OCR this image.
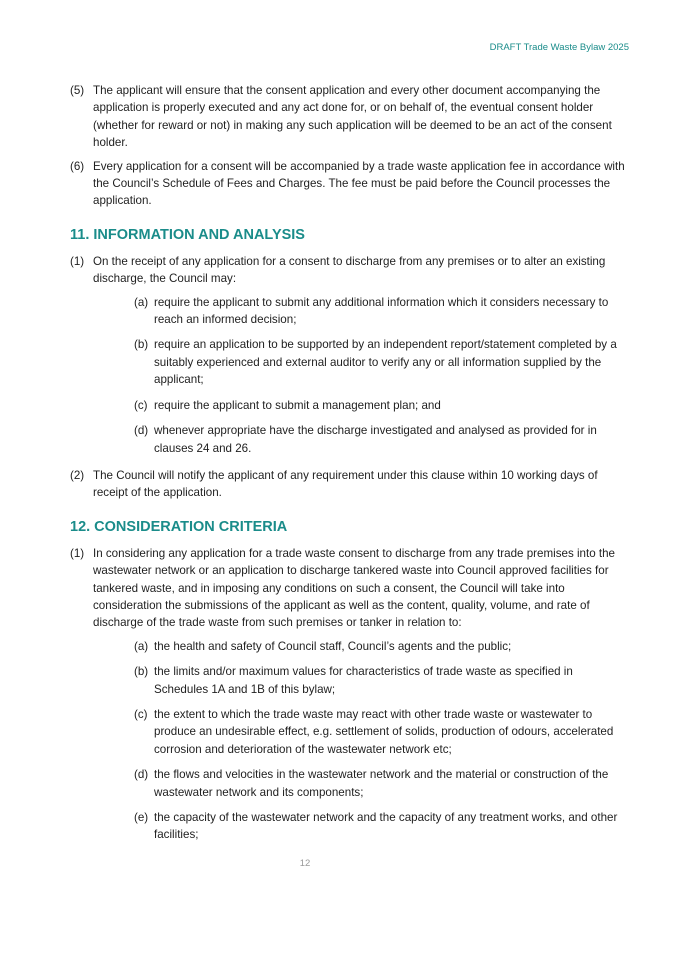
DRAFT Trade Waste Bylaw 2025
(5) The applicant will ensure that the consent application and every other document accompanying the application is properly executed and any act done for, or on behalf of, the eventual consent holder (whether for reward or not) in making any such application will be deemed to be an act of the consent holder.
(6) Every application for a consent will be accompanied by a trade waste application fee in accordance with the Council’s Schedule of Fees and Charges. The fee must be paid before the Council processes the application.
11. INFORMATION AND ANALYSIS
(1) On the receipt of any application for a consent to discharge from any premises or to alter an existing discharge, the Council may:
(a) require the applicant to submit any additional information which it considers necessary to reach an informed decision;
(b) require an application to be supported by an independent report/statement completed by a suitably experienced and external auditor to verify any or all information supplied by the applicant;
(c) require the applicant to submit a management plan; and
(d) whenever appropriate have the discharge investigated and analysed as provided for in clauses 24 and 26.
(2) The Council will notify the applicant of any requirement under this clause within 10 working days of receipt of the application.
12. CONSIDERATION CRITERIA
(1) In considering any application for a trade waste consent to discharge from any trade premises into the wastewater network or an application to discharge tankered waste into Council approved facilities for tankered waste, and in imposing any conditions on such a consent, the Council will take into consideration the submissions of the applicant as well as the content, quality, volume, and rate of discharge of the trade waste from such premises or tanker in relation to:
(a) the health and safety of Council staff, Council’s agents and the public;
(b) the limits and/or maximum values for characteristics of trade waste as specified in Schedules 1A and 1B of this bylaw;
(c) the extent to which the trade waste may react with other trade waste or wastewater to produce an undesirable effect, e.g. settlement of solids, production of odours, accelerated corrosion and deterioration of the wastewater network etc;
(d) the flows and velocities in the wastewater network and the material or construction of the wastewater network and its components;
(e) the capacity of the wastewater network and the capacity of any treatment works, and other facilities;
12
